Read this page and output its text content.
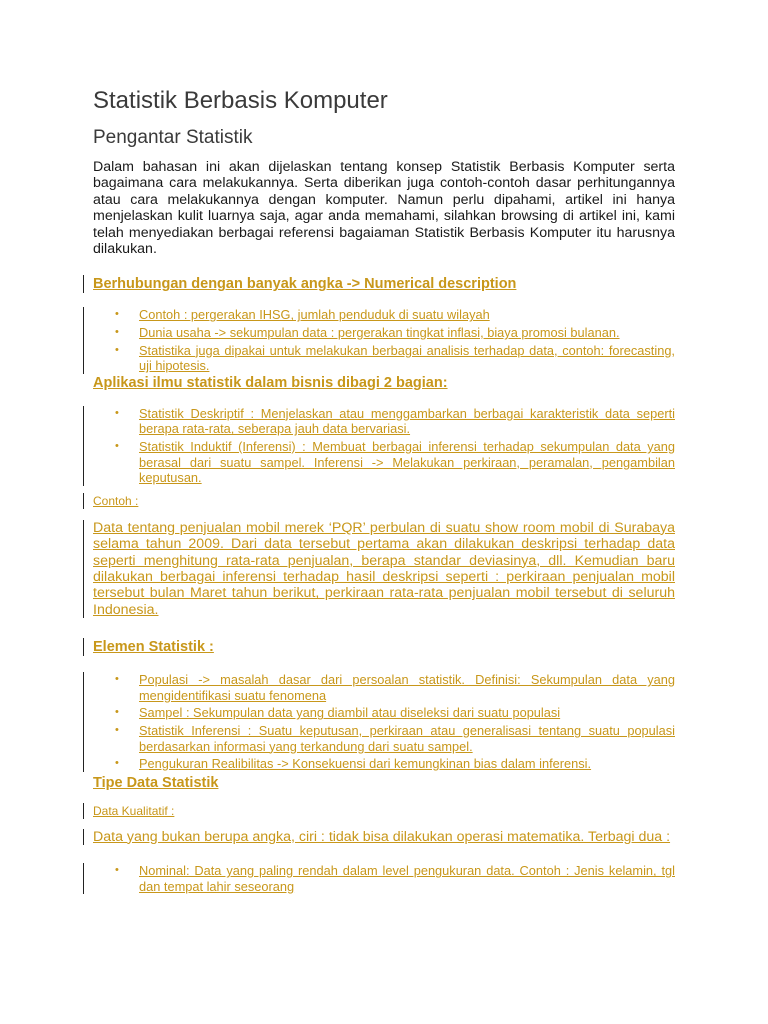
Statistik Berbasis Komputer
Pengantar Statistik

Dalam bahasan ini akan dijelaskan tentang konsep Statistik Berbasis Komputer serta bagaimana cara melakukannya. Serta diberikan juga contoh-contoh dasar perhitungannya atau cara melakukannya dengan komputer. Namun perlu dipahami, artikel ini hanya menjelaskan kulit luarnya saja, agar anda memahami, silahkan browsing di artikel ini, kami telah menyediakan berbagai referensi bagaiaman Statistik Berbasis Komputer itu harusnya dilakukan.

Berhubungan dengan banyak angka -> Numerical description
• Contoh : pergerakan IHSG, jumlah penduduk di suatu wilayah
• Dunia usaha -> sekumpulan data : pergerakan tingkat inflasi, biaya promosi bulanan.
• Statistika juga dipakai untuk melakukan berbagai analisis terhadap data, contoh: forecasting, uji hipotesis.
Aplikasi ilmu statistik dalam bisnis dibagi 2 bagian:
• Statistik Deskriptif : Menjelaskan atau menggambarkan berbagai karakteristik data seperti berapa rata-rata, seberapa jauh data bervariasi.
• Statistik Induktif (Inferensi) : Membuat berbagai inferensi terhadap sekumpulan data yang berasal dari suatu sampel. Inferensi -> Melakukan perkiraan, peramalan, pengambilan keputusan.
Contoh :
Data tentang penjualan mobil merek ‘PQR’ perbulan di suatu show room mobil di Surabaya selama tahun 2009. Dari data tersebut pertama akan dilakukan deskripsi terhadap data seperti menghitung rata-rata penjualan, berapa standar deviasinya, dll. Kemudian baru dilakukan berbagai inferensi terhadap hasil deskripsi seperti : perkiraan penjualan mobil tersebut bulan Maret tahun berikut, perkiraan rata-rata penjualan mobil tersebut di seluruh Indonesia.
Elemen Statistik :
• Populasi -> masalah dasar dari persoalan statistik. Definisi: Sekumpulan data yang mengidentifikasi suatu fenomena
• Sampel : Sekumpulan data yang diambil atau diseleksi dari suatu populasi
• Statistik Inferensi : Suatu keputusan, perkiraan atau generalisasi tentang suatu populasi berdasarkan informasi yang terkandung dari suatu sampel.
• Pengukuran Realibilitas -> Konsekuensi dari kemungkinan bias dalam inferensi.
Tipe Data Statistik
Data Kualitatif :
Data yang bukan berupa angka, ciri : tidak bisa dilakukan operasi matematika. Terbagi dua :
• Nominal: Data yang paling rendah dalam level pengukuran data. Contoh : Jenis kelamin, tgl dan tempat lahir seseorang
